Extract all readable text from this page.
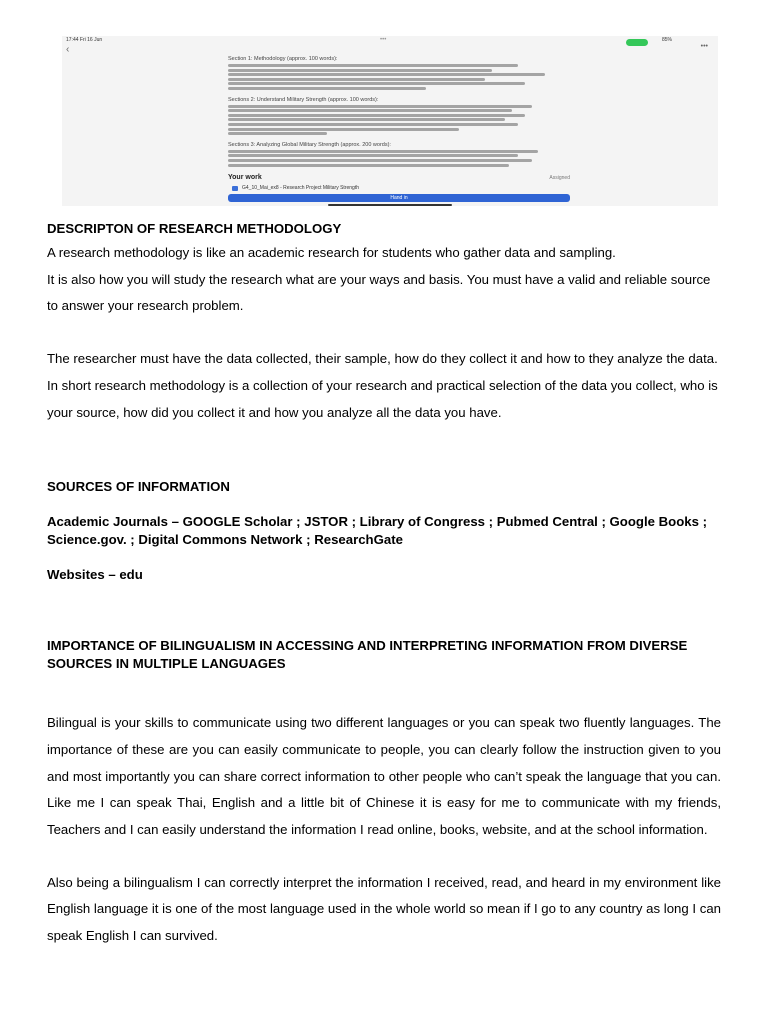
17:44 Fri 16 Jun	•••	85%
‹	•••
Section 1: Methodology (approx. 100 words):
Sections 2: Understand Military Strength (approx. 100 words):
Sections 3: Analyzing Global Military Strength (approx. 200 words):
Your work	Assigned
G4_10_Mai_ex8 - Research Project Military Strength
Hand in

DESCRIPTON OF RESEARCH METHODOLOGY

A research methodology is like an academic research for students who gather data and sampling.

It is also how you will study the research what are your ways and basis. You must have a valid and reliable source to answer your research problem.

The researcher must have the data collected, their sample, how do they collect it and how to they analyze the data. In short research methodology is a collection of your research and practical selection of the data you collect, who is your source, how did you collect it and how you analyze all the data you have.

SOURCES OF INFORMATION

Academic Journals – GOOGLE Scholar ; JSTOR ; Library of Congress ; Pubmed Central ; Google Books ; Science.gov. ; Digital Commons Network ; ResearchGate

Websites – edu

IMPORTANCE OF BILINGUALISM IN ACCESSING AND INTERPRETING INFORMATION FROM DIVERSE SOURCES IN MULTIPLE LANGUAGES

Bilingual is your skills to communicate using two different languages or you can speak two fluently languages. The importance of these are you can easily communicate to people, you can clearly follow the instruction given to you and most importantly you can share correct information to other people who can’t speak the language that you can. Like me I can speak Thai, English and a little bit of Chinese it is easy for me to communicate with my friends, Teachers and I can easily understand the information I read online, books, website, and at the school information.

Also being a bilingualism I can correctly interpret the information I received, read, and heard in my environment like English language it is one of the most language used in the whole world so mean if I go to any country as long I can speak English I can survived.
